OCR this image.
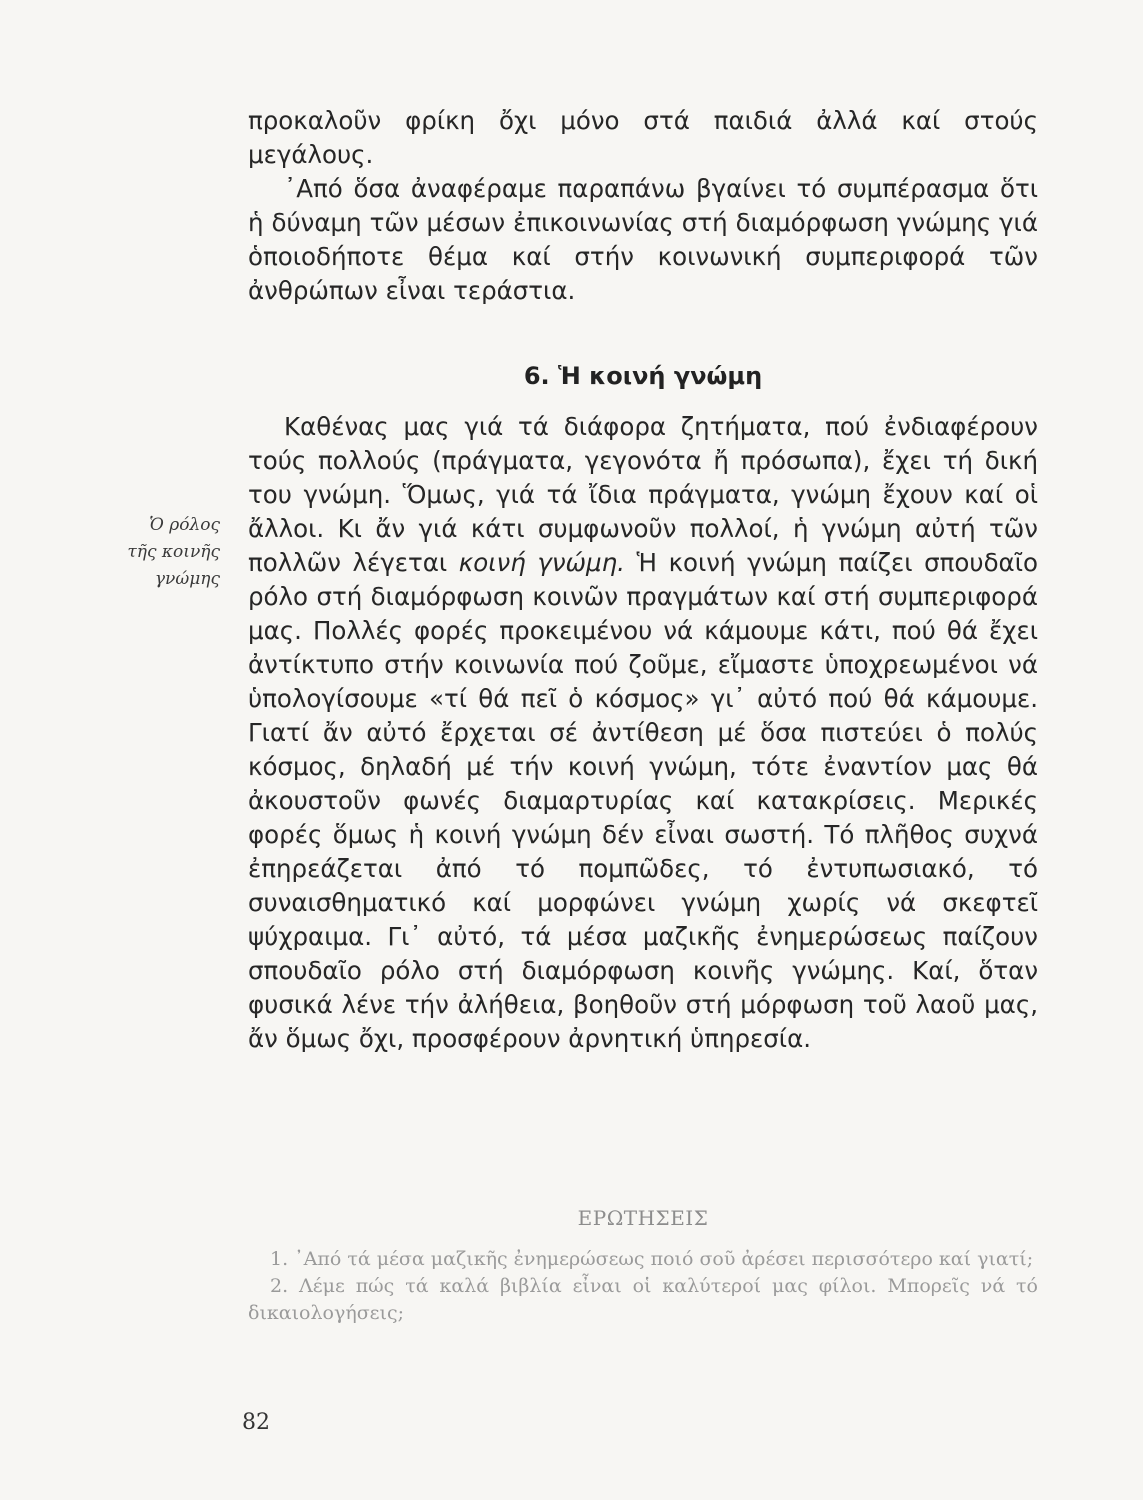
προκαλοῦν φρίκη ὄχι μόνο στά παιδιά ἀλλά καί στούς μεγάλους.

᾿Από ὅσα ἀναφέραμε παραπάνω βγαίνει τό συμπέρασμα ὅτι ἡ δύναμη τῶν μέσων ἐπικοινωνίας στή διαμόρφωση γνώμης γιά ὁποιοδήποτε θέμα καί στήν κοινωνική συμπεριφορά τῶν ἀνθρώπων εἶναι τεράστια.

6. Ἡ κοινή γνώμη
Ὁ ρόλος
τῆς κοινῆς
γνώμης

Καθένας μας γιά τά διάφορα ζητήματα, πού ἐνδιαφέρουν τούς πολλούς (πράγματα, γεγονότα ἤ πρόσωπα), ἔχει τή δική του γνώμη. Ὅμως, γιά τά ἴδια πράγματα, γνώμη ἔχουν καί οἱ ἄλλοι. Κι ἄν γιά κάτι συμφωνοῦν πολλοί, ἡ γνώμη αὐτή τῶν πολλῶν λέγεται κοινή γνώμη. Ἡ κοινή γνώμη παίζει σπουδαῖο ρόλο στή διαμόρφωση κοινῶν πραγμάτων καί στή συμπεριφορά μας. Πολλές φορές προκειμένου νά κάμουμε κάτι, πού θά ἔχει ἀντίκτυπο στήν κοινωνία πού ζοῦμε, εἴμαστε ὑποχρεωμένοι νά ὑπολογίσουμε «τί θά πεῖ ὁ κόσμος» γι᾿ αὐτό πού θά κάμουμε. Γιατί ἄν αὐτό ἔρχεται σέ ἀντίθεση μέ ὅσα πιστεύει ὁ πολύς κόσμος, δηλαδή μέ τήν κοινή γνώμη, τότε ἐναντίον μας θά ἀκουστοῦν φωνές διαμαρτυρίας καί κατακρίσεις. Μερικές φορές ὅμως ἡ κοινή γνώμη δέν εἶναι σωστή. Τό πλῆθος συχνά ἐπηρεάζεται ἀπό τό πομπῶδες, τό ἐντυπωσιακό, τό συναισθηματικό καί μορφώνει γνώμη χωρίς νά σκεφτεῖ ψύχραιμα. Γι᾿ αὐτό, τά μέσα μαζικῆς ἐνημερώσεως παίζουν σπουδαῖο ρόλο στή διαμόρφωση κοινῆς γνώμης. Καί, ὅταν φυσικά λένε τήν ἀλήθεια, βοηθοῦν στή μόρφωση τοῦ λαοῦ μας, ἄν ὅμως ὄχι, προσφέρουν ἀρνητική ὑπηρεσία.

ΕΡΩΤΗΣΕΙΣ

1. ᾿Από τά μέσα μαζικῆς ἐνημερώσεως ποιό σοῦ ἀρέσει περισσότερο καί γιατί;

2. Λέμε πώς τά καλά βιβλία εἶναι οἱ καλύτεροί μας φίλοι. Μπορεῖς νά τό δικαιολογήσεις;

82
